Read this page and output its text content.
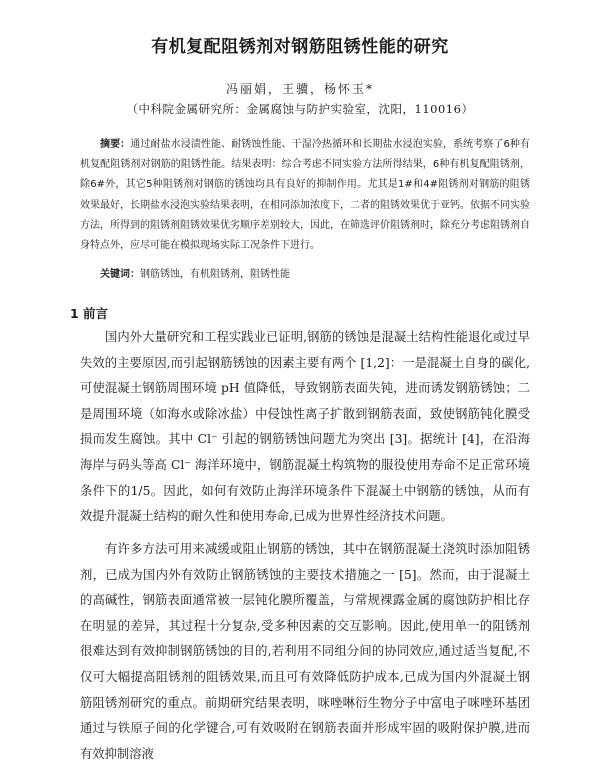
有机复配阻锈剂对钢筋阻锈性能的研究
冯丽娟，王骥，杨怀玉*
（中科院金属研究所：金属腐蚀与防护实验室，沈阳，110016）

摘要：通过耐盐水浸渍性能、耐锈蚀性能、干湿冷热循环和长期盐水浸泡实验，系统考察了6种有机复配阻锈剂对钢筋的阻锈性能。结果表明：综合考虑不同实验方法所得结果，6种有机复配阻锈剂，除6#外，其它5种阻锈剂对钢筋的锈蚀均具有良好的抑制作用。尤其是1#和4#阻锈剂对钢筋的阻锈效果最好，长期盐水浸泡实验结果表明，在相同添加浓度下，二者的阻锈效果优于亚钙。依据不同实验方法，所得到的阻锈剂阻锈效果优劣顺序差别较大，因此，在筛选评价阻锈剂时，除充分考虑阻锈剂自身特点外，应尽可能在模拟现场实际工况条件下进行。

关键词：钢筋锈蚀，有机阻锈剂，阻锈性能

1 前言

国内外大量研究和工程实践业已证明,钢筋的锈蚀是混凝土结构性能退化或过早失效的主要原因,而引起钢筋锈蚀的因素主要有两个 [1,2]：一是混凝土自身的碳化,可使混凝土钢筋周围环境 pH 值降低，导致钢筋表面失钝，进而诱发钢筋锈蚀；二是周围环境（如海水或除冰盐）中侵蚀性离子扩散到钢筋表面，致使钢筋钝化膜受损而发生腐蚀。其中 Cl⁻ 引起的钢筋锈蚀问题尤为突出 [3]。据统计 [4]，在沿海海岸与码头等高 Cl⁻ 海洋环境中，钢筋混凝土构筑物的服役使用寿命不足正常环境条件下的1/5。因此，如何有效防止海洋环境条件下混凝土中钢筋的锈蚀，从而有效提升混凝土结构的耐久性和使用寿命,已成为世界性经济技术问题。

有许多方法可用来减缓或阻止钢筋的锈蚀，其中在钢筋混凝土浇筑时添加阻锈剂，已成为国内外有效防止钢筋锈蚀的主要技术措施之一 [5]。然而，由于混凝土的高碱性，钢筋表面通常被一层钝化膜所覆盖，与常规裸露金属的腐蚀防护相比存在明显的差异，其过程十分复杂,受多种因素的交互影响。因此,使用单一的阻锈剂很难达到有效抑制钢筋锈蚀的目的,若利用不同组分间的协同效应,通过适当复配,不仅可大幅提高阻锈剂的阻锈效果,而且可有效降低防护成本,已成为国内外混凝土钢筋阻锈剂研究的重点。前期研究结果表明，咪唑啉衍生物分子中富电子咪唑环基团通过与铁原子间的化学键合,可有效吸附在钢筋表面并形成牢固的吸附保护膜,进而有效抑制溶液
